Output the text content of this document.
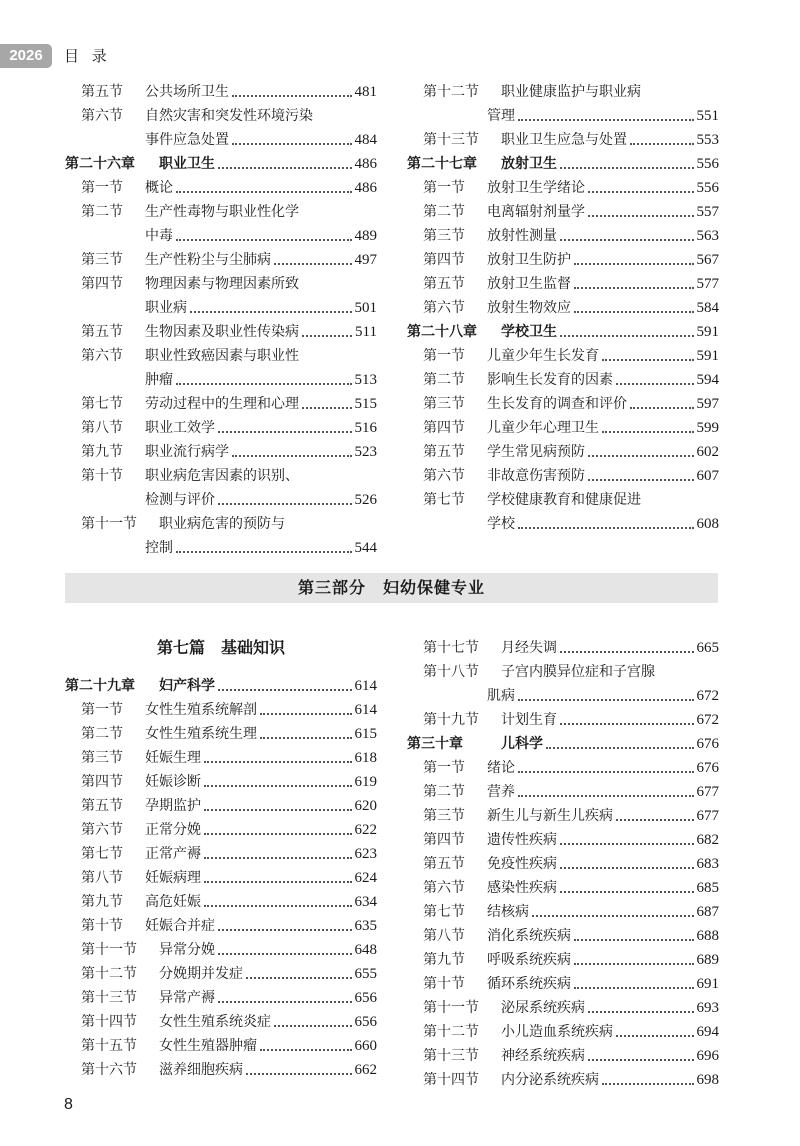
2026	目 录
第五节	公共场所卫生	481
第六节 自然灾害和突发性环境污染
事件应急处置	484
第二十六章	职业卫生	486
第一节	概论	486
第二节 生产性毒物与职业性化学
中毒	489
第三节	生产性粉尘与尘肺病	497
第四节 物理因素与物理因素所致
职业病	501
第五节	生物因素及职业性传染病	511
第六节 职业性致癌因素与职业性
肿瘤	513
第七节	劳动过程中的生理和心理	515
第八节	职业工效学	516
第九节	职业流行病学	523
第十节 职业病危害因素的识别、
检测与评价	526
第十一节 职业病危害的预防与
控制	544
第十二节 职业健康监护与职业病
管理	551
第十三节	职业卫生应急与处置	553
第二十七章	放射卫生	556
第一节	放射卫生学绪论	556
第二节	电离辐射剂量学	557
第三节	放射性测量	563
第四节	放射卫生防护	567
第五节	放射卫生监督	577
第六节	放射生物效应	584
第二十八章	学校卫生	591
第一节	儿童少年生长发育	591
第二节	影响生长发育的因素	594
第三节	生长发育的调查和评价	597
第四节	儿童少年心理卫生	599
第五节	学生常见病预防	602
第六节	非故意伤害预防	607
第七节 学校健康教育和健康促进
学校	608
第三部分　妇幼保健专业
第七篇　基础知识
第二十九章	妇产科学	614
第一节	女性生殖系统解剖	614
第二节	女性生殖系统生理	615
第三节	妊娠生理	618
第四节	妊娠诊断	619
第五节	孕期监护	620
第六节	正常分娩	622
第七节	正常产褥	623
第八节	妊娠病理	624
第九节	高危妊娠	634
第十节	妊娠合并症	635
第十一节	异常分娩	648
第十二节	分娩期并发症	655
第十三节	异常产褥	656
第十四节	女性生殖系统炎症	656
第十五节	女性生殖器肿瘤	660
第十六节	滋养细胞疾病	662
第十七节	月经失调	665
第十八节 子宫内膜异位症和子宫腺
肌病	672
第十九节	计划生育	672
第三十章	儿科学	676
第一节	绪论	676
第二节	营养	677
第三节	新生儿与新生儿疾病	677
第四节	遗传性疾病	682
第五节	免疫性疾病	683
第六节	感染性疾病	685
第七节	结核病	687
第八节	消化系统疾病	688
第九节	呼吸系统疾病	689
第十节	循环系统疾病	691
第十一节	泌尿系统疾病	693
第十二节	小儿造血系统疾病	694
第十三节	神经系统疾病	696
第十四节	内分泌系统疾病	698
8
